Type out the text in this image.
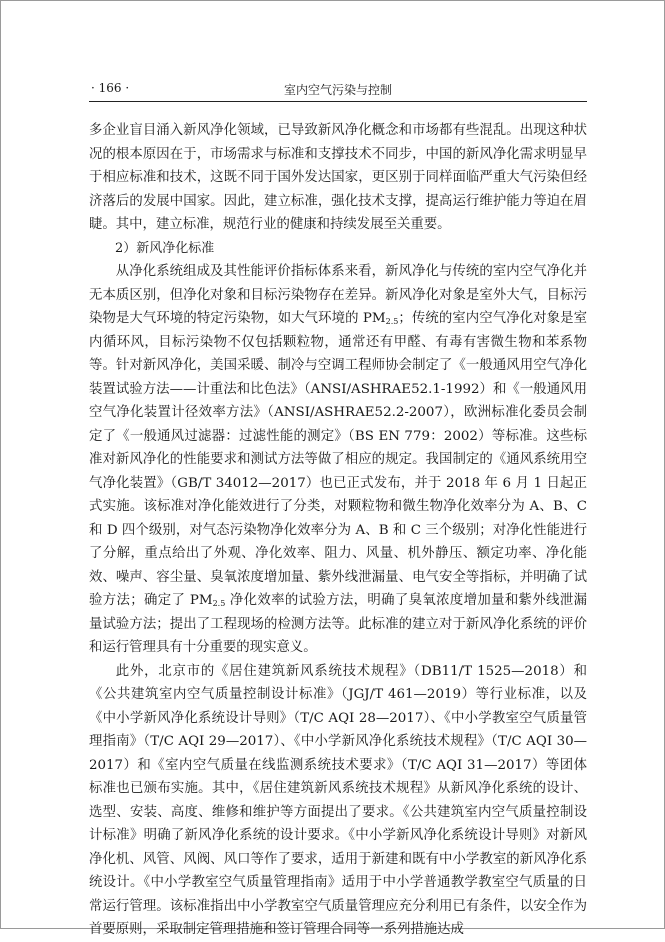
· 166 ·	室内空气污染与控制

多企业盲目涌入新风净化领域，已导致新风净化概念和市场都有些混乱。出现这种状况的根本原因在于，市场需求与标准和支撑技术不同步，中国的新风净化需求明显早于相应标准和技术，这既不同于国外发达国家，更区别于同样面临严重大气污染但经济落后的发展中国家。因此，建立标准，强化技术支撑，提高运行维护能力等迫在眉睫。其中，建立标准，规范行业的健康和持续发展至关重要。

2）新风净化标准

从净化系统组成及其性能评价指标体系来看，新风净化与传统的室内空气净化并无本质区别，但净化对象和目标污染物存在差异。新风净化对象是室外大气，目标污染物是大气环境的特定污染物，如大气环境的 $PM_{2.5}$；传统的室内空气净化对象是室内循环风，目标污染物不仅包括颗粒物，通常还有甲醛、有毒有害微生物和苯系物等。针对新风净化，美国采暖、制冷与空调工程师协会制定了《一般通风用空气净化装置试验方法——计重法和比色法》（ANSI/ASHRAE52.1-1992）和《一般通风用空气净化装置计径效率方法》（ANSI/ASHRAE52.2-2007），欧洲标准化委员会制定了《一般通风过滤器：过滤性能的测定》（BS EN 779：2002）等标准。这些标准对新风净化的性能要求和测试方法等做了相应的规定。我国制定的《通风系统用空气净化装置》（GB/T 34012—2017）也已正式发布，并于 2018 年 6 月 1 日起正式实施。该标准对净化能效进行了分类，对颗粒物和微生物净化效率分为 A、B、C 和 D 四个级别，对气态污染物净化效率分为 A、B 和 C 三个级别；对净化性能进行了分解，重点给出了外观、净化效率、阻力、风量、机外静压、额定功率、净化能效、噪声、容尘量、臭氧浓度增加量、紫外线泄漏量、电气安全等指标，并明确了试验方法；确定了 $PM_{2.5}$ 净化效率的试验方法，明确了臭氧浓度增加量和紫外线泄漏量试验方法；提出了工程现场的检测方法等。此标准的建立对于新风净化系统的评价和运行管理具有十分重要的现实意义。

此外，北京市的《居住建筑新风系统技术规程》（DB11/T 1525—2018）和《公共建筑室内空气质量控制设计标准》（JGJ/T 461—2019）等行业标准，以及《中小学新风净化系统设计导则》（T/C AQI 28—2017）、《中小学教室空气质量管理指南》（T/C AQI 29—2017）、《中小学新风净化系统技术规程》（T/C AQI 30—2017）和《室内空气质量在线监测系统技术要求》（T/C AQI 31—2017）等团体标准也已颁布实施。其中，《居住建筑新风系统技术规程》从新风净化系统的设计、选型、安装、高度、维修和维护等方面提出了要求。《公共建筑室内空气质量控制设计标准》明确了新风净化系统的设计要求。《中小学新风净化系统设计导则》对新风净化机、风管、风阀、风口等作了要求，适用于新建和既有中小学教室的新风净化系统设计。《中小学教室空气质量管理指南》适用于中小学普通教学教室空气质量的日常运行管理。该标准指出中小学教室空气质量管理应充分利用已有条件，以安全作为首要原则，采取制定管理措施和签订管理合同等一系列措施达成
